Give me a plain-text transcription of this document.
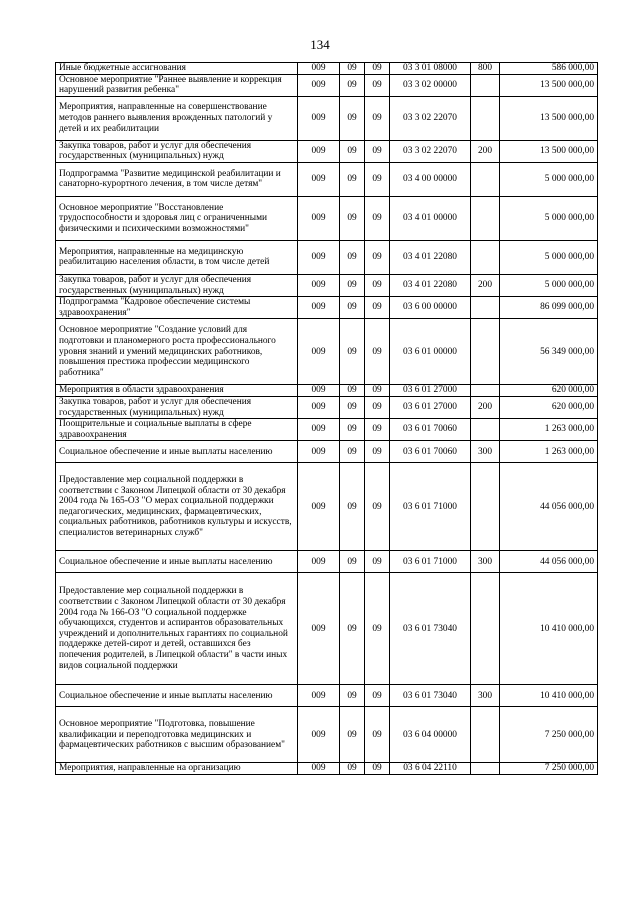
134
Иные бюджетные ассигнования	009	09	09	03 3 01 08000	800	586 000,00
Основное мероприятие "Раннее выявление и коррекция нарушений развития ребенка"	009	09	09	03 3 02 00000		13 500 000,00
Мероприятия, направленные на совершенствование методов раннего выявления врожденных патологий у детей и их реабилитации	009	09	09	03 3 02 22070		13 500 000,00
Закупка товаров, работ и услуг для обеспечения государственных (муниципальных) нужд	009	09	09	03 3 02 22070	200	13 500 000,00
Подпрограмма "Развитие медицинской реабилитации и санаторно-курортного лечения, в том числе детям"	009	09	09	03 4 00 00000		5 000 000,00
Основное мероприятие "Восстановление трудоспособности и здоровья лиц с ограниченными физическими и психическими возможностями"	009	09	09	03 4 01 00000		5 000 000,00
Мероприятия, направленные на медицинскую реабилитацию населения области, в том числе детей	009	09	09	03 4 01 22080		5 000 000,00
Закупка товаров, работ и услуг для обеспечения государственных (муниципальных) нужд	009	09	09	03 4 01 22080	200	5 000 000,00
Подпрограмма "Кадровое обеспечение системы здравоохранения"	009	09	09	03 6 00 00000		86 099 000,00
Основное мероприятие "Создание условий для подготовки и планомерного роста профессионального уровня знаний и умений медицинских работников, повышения престижа профессии медицинского работника"	009	09	09	03 6 01 00000		56 349 000,00
Мероприятия в области здравоохранения	009	09	09	03 6 01 27000		620 000,00
Закупка товаров, работ и услуг для обеспечения государственных (муниципальных) нужд	009	09	09	03 6 01 27000	200	620 000,00
Поощрительные и социальные выплаты в сфере здравоохранения	009	09	09	03 6 01 70060		1 263 000,00
Социальное обеспечение и иные выплаты населению	009	09	09	03 6 01 70060	300	1 263 000,00
Предоставление мер социальной поддержки в соответствии с Законом Липецкой области от 30 декабря 2004 года № 165-ОЗ "О мерах социальной поддержки педагогических, медицинских, фармацевтических, социальных работников, работников культуры и искусств, специалистов ветеринарных служб"	009	09	09	03 6 01 71000		44 056 000,00
Социальное обеспечение и иные выплаты населению	009	09	09	03 6 01 71000	300	44 056 000,00
Предоставление мер социальной поддержки в соответствии с Законом Липецкой области от 30 декабря 2004 года № 166-ОЗ "О социальной поддержке обучающихся, студентов и аспирантов образовательных учреждений и дополнительных гарантиях по социальной поддержке детей-сирот и детей, оставшихся без попечения родителей, в Липецкой области" в части иных видов социальной поддержки	009	09	09	03 6 01 73040		10 410 000,00
Социальное обеспечение и иные выплаты населению	009	09	09	03 6 01 73040	300	10 410 000,00
Основное мероприятие "Подготовка, повышение квалификации и переподготовка медицинских и фармацевтических работников с высшим образованием"	009	09	09	03 6 04 00000		7 250 000,00
Мероприятия, направленные на организацию	009	09	09	03 6 04 22110		7 250 000,00
